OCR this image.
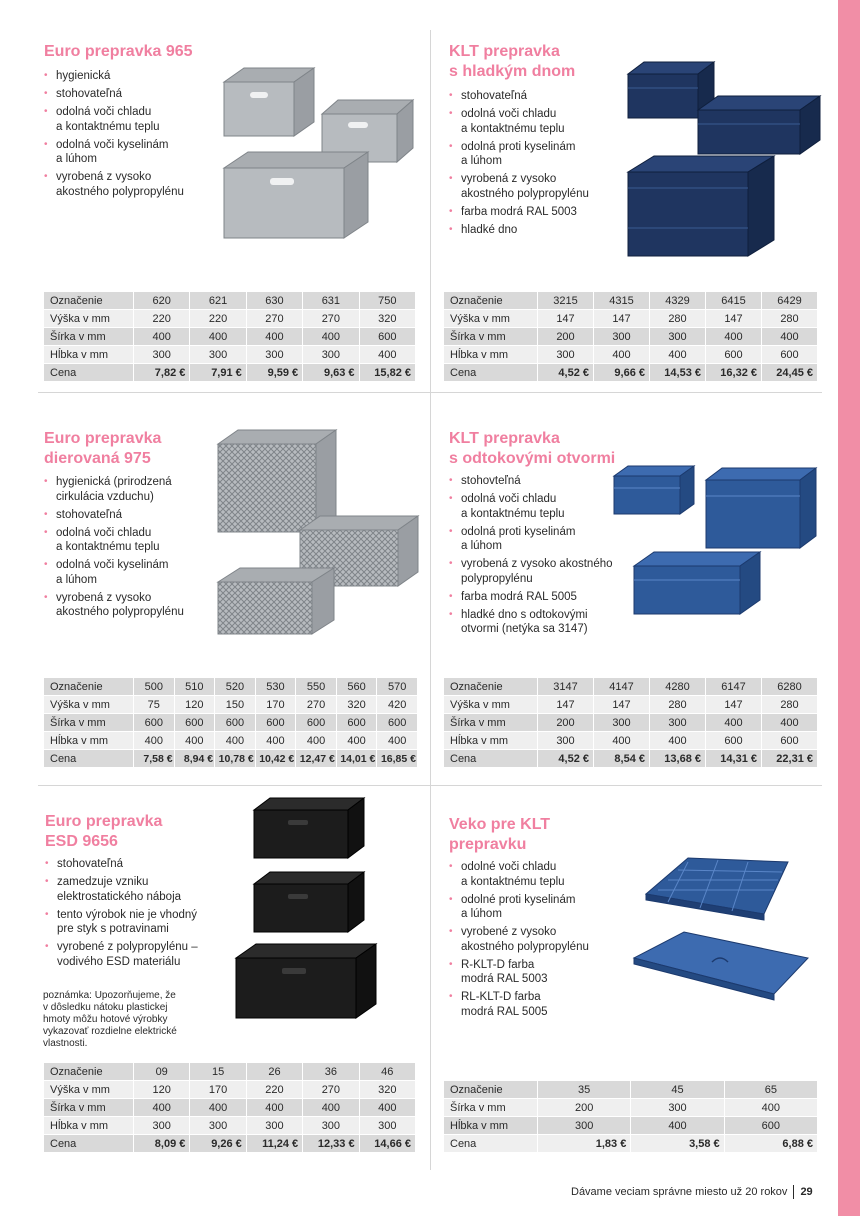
Euro prepravka 965
• hygienická
• stohovateľná
• odolná voči chladu
a kontaktnému teplu
• odolná voči kyselinám
a lúhom
• vyrobená z vysoko
akostného polypropylénu
Označenie	620	621	630	631	750
Výška v mm	220	220	270	270	320
Šírka v mm	400	400	400	400	600
Hĺbka v mm	300	300	300	300	400
Cena	7,82 €	7,91 €	9,59 €	9,63 €	15,82 €
KLT prepravka
s hladkým dnom
• stohovateľná
• odolná voči chladu
a kontaktnému teplu
• odolná proti kyselinám
a lúhom
• vyrobená z vysoko
akostného polypropylénu
• farba modrá RAL 5003
• hladké dno
Označenie	3215	4315	4329	6415	6429
Výška v mm	147	147	280	147	280
Šírka v mm	200	300	300	400	400
Hĺbka v mm	300	400	400	600	600
Cena	4,52 €	9,66 €	14,53 €	16,32 €	24,45 €
Euro prepravka
dierovaná 975
• hygienická (prirodzená
cirkulácia vzduchu)
• stohovateľná
• odolná voči chladu
a kontaktnému teplu
• odolná voči kyselinám
a lúhom
• vyrobená z vysoko
akostného polypropylénu
Označenie	500	510	520	530	550	560	570
Výška v mm	75	120	150	170	270	320	420
Šírka v mm	600	600	600	600	600	600	600
Hĺbka v mm	400	400	400	400	400	400	400
Cena	7,58 €	8,94 €	10,78 €	10,42 €	12,47 €	14,01 €	16,85 €
KLT prepravka
s odtokovými otvormi
• stohovteľná
• odolná voči chladu
a kontaktnému teplu
• odolná proti kyselinám
a lúhom
• vyrobená z vysoko akostného
polypropylénu
• farba modrá RAL 5005
• hladké dno s odtokovými
otvormi (netýka sa 3147)
Označenie	3147	4147	4280	6147	6280
Výška v mm	147	147	280	147	280
Šírka v mm	200	300	300	400	400
Hĺbka v mm	300	400	400	600	600
Cena	4,52 €	8,54 €	13,68 €	14,31 €	22,31 €
Euro prepravka
ESD 9656
• stohovateľná
• zamedzuje vzniku
elektrostatického náboja
• tento výrobok nie je vhodný
pre styk s potravinami
• vyrobené z polypropylénu –
vodivého ESD materiálu
poznámka: Upozorňujeme, že
v dôsledku nátoku plastickej
hmoty môžu hotové výrobky
vykazovať rozdielne elektrické
vlastnosti.
Označenie	09	15	26	36	46
Výška v mm	120	170	220	270	320
Šírka v mm	400	400	400	400	400
Hĺbka v mm	300	300	300	300	300
Cena	8,09 €	9,26 €	11,24 €	12,33 €	14,66 €
Veko pre KLT
prepravku
• odolné voči chladu
a kontaktnému teplu
• odolné proti kyselinám
a lúhom
• vyrobené z vysoko
akostného polypropylénu
• R-KLT-D farba
modrá RAL 5003
• RL-KLT-D farba
modrá RAL 5005
Označenie	35	45	65
Šírka v mm	200	300	400
Hĺbka v mm	300	400	600
Cena	1,83 €	3,58 €	6,88 €
Dávame veciam správne miesto už 20 rokov 29
